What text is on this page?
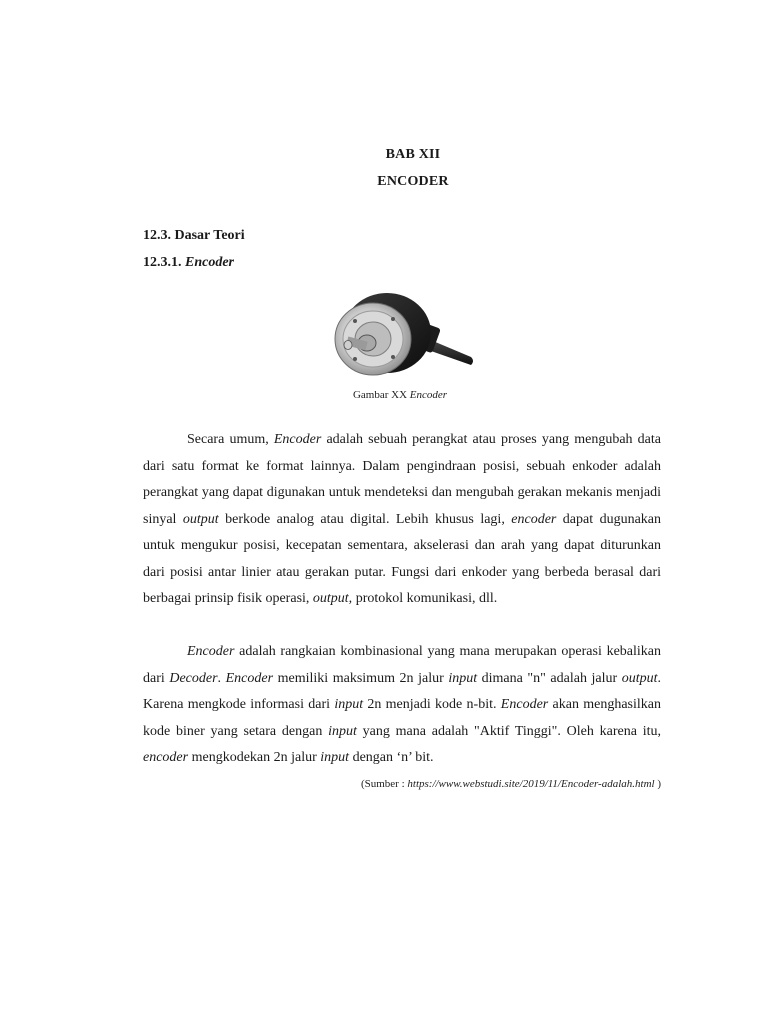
BAB XII
ENCODER
12.3. Dasar Teori
12.3.1. Encoder
Gambar XX Encoder
Secara umum, Encoder adalah sebuah perangkat atau proses yang mengubah data dari satu format ke format lainnya. Dalam pengindraan posisi, sebuah enkoder adalah perangkat yang dapat digunakan untuk mendeteksi dan mengubah gerakan mekanis menjadi sinyal output berkode analog atau digital. Lebih khusus lagi, encoder dapat dugunakan untuk mengukur posisi, kecepatan sementara, akselerasi dan arah yang dapat diturunkan dari posisi antar linier atau gerakan putar. Fungsi dari enkoder yang berbeda berasal dari berbagai prinsip fisik operasi, output, protokol komunikasi, dll.
Encoder adalah rangkaian kombinasional yang mana merupakan operasi kebalikan dari Decoder. Encoder memiliki maksimum 2n jalur input dimana "n" adalah jalur output. Karena mengkode informasi dari input 2n menjadi kode n-bit. Encoder akan menghasilkan kode biner yang setara dengan input yang mana adalah "Aktif Tinggi". Oleh karena itu, encoder mengkodekan 2n jalur input dengan ‘n’ bit.
(Sumber : https://www.webstudi.site/2019/11/Encoder-adalah.html )
